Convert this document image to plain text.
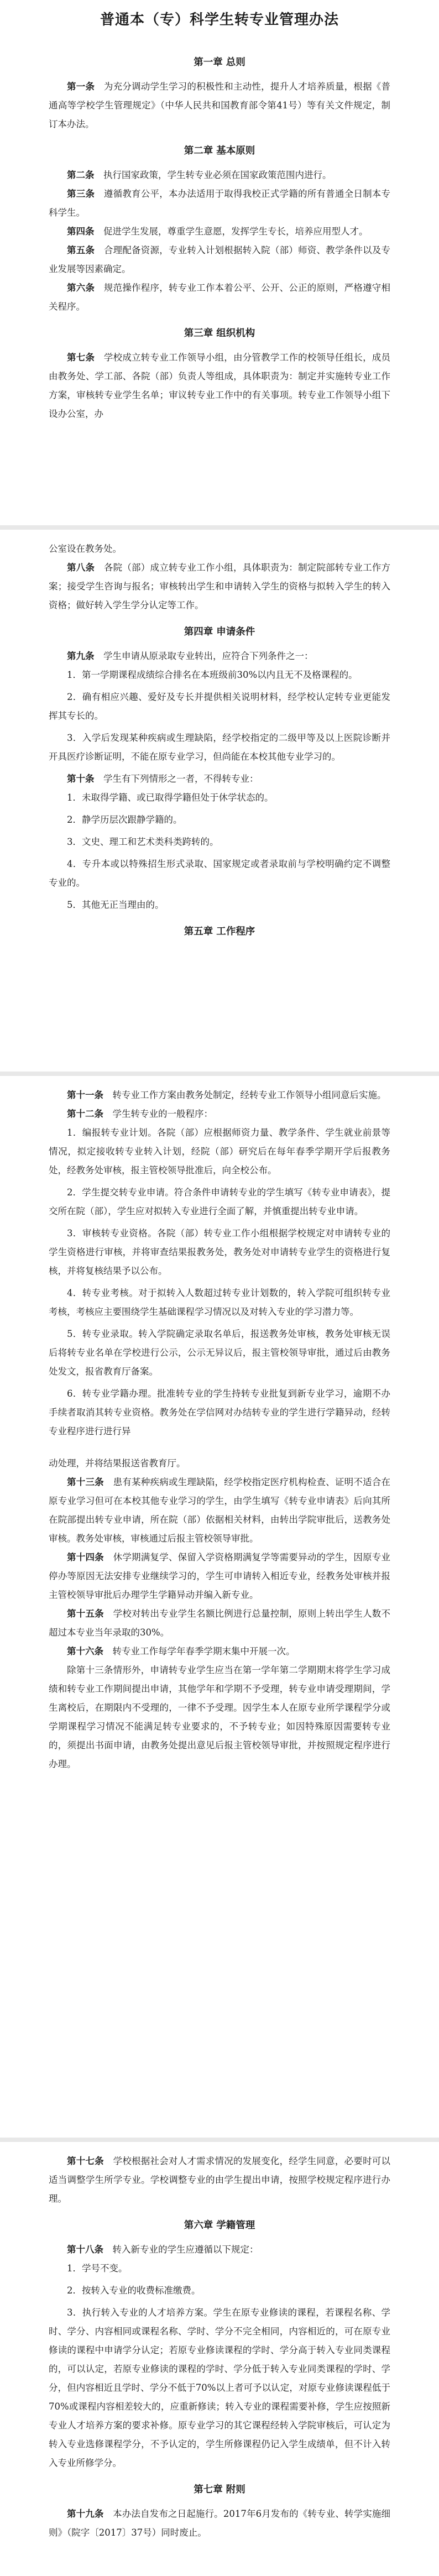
普通本（专）科学生转专业管理办法
第一章 总则

第一条  为充分调动学生学习的积极性和主动性，提升人才培养质量，根据《普通高等学校学生管理规定》（中华人民共和国教育部令第41号）等有关文件规定，制订本办法。

第二章 基本原则

第二条  执行国家政策，学生转专业必须在国家政策范围内进行。

第三条  遵循教育公平，本办法适用于取得我校正式学籍的所有普通全日制本专科学生。

第四条  促进学生发展，尊重学生意愿，发挥学生专长，培养应用型人才。

第五条  合理配备资源，专业转入计划根据转入院（部）师资、教学条件以及专业发展等因素确定。

第六条  规范操作程序，转专业工作本着公平、公开、公正的原则，严格遵守相关程序。

第三章 组织机构

第七条  学校成立转专业工作领导小组，由分管教学工作的校领导任组长，成员由教务处、学工部、各院（部）负责人等组成，具体职责为：制定并实施转专业工作方案，审核转专业学生名单；审议转专业工作中的有关事项。转专业工作领导小组下设办公室，办

公室设在教务处。

第八条  各院（部）成立转专业工作小组，具体职责为：制定院部转专业工作方案；接受学生咨询与报名；审核转出学生和申请转入学生的资格与拟转入学生的转入资格；做好转入学生学分认定等工作。

第四章 申请条件

第九条  学生申请从原录取专业转出，应符合下列条件之一：

1．第一学期课程成绩综合排名在本班级前30%以内且无不及格课程的。

2．确有相应兴趣、爱好及专长并提供相关说明材料，经学校认定转专业更能发挥其专长的。

3．入学后发现某种疾病或生理缺陷，经学校指定的二级甲等及以上医院诊断并开具医疗诊断证明，不能在原专业学习，但尚能在本校其他专业学习的。

第十条  学生有下列情形之一者，不得转专业：

1．未取得学籍、或已取得学籍但处于休学状态的。

2．静学历层次跟静学籍的。

3．文史、理工和艺术类科类跨转的。

4．专升本或以特殊招生形式录取、国家规定或者录取前与学校明确约定不调整专业的。

5．其他无正当理由的。

第五章 工作程序

第十一条  转专业工作方案由教务处制定，经转专业工作领导小组同意后实施。

第十二条  学生转专业的一般程序：

1．编报转专业计划。各院（部）应根据师资力量、教学条件、学生就业前景等情况，拟定接收转专业转入计划，经院（部）研究后在每年春季学期开学后报教务处，经教务处审核，报主管校领导批准后，向全校公布。

2．学生提交转专业申请。符合条件申请转专业的学生填写《转专业申请表》，提交所在院（部），学生应对拟转入专业进行全面了解，并慎重提出转专业申请。

3．审核转专业资格。各院（部）转专业工作小组根据学校规定对申请转专业的学生资格进行审核，并将审查结果报教务处，教务处对申请转专业学生的资格进行复核，并将复核结果予以公布。

4．转专业考核。对于拟转入人数超过转专业计划数的，转入学院可组织转专业考核，考核应主要围绕学生基础课程学习情况以及对转入专业的学习潜力等。

5．转专业录取。转入学院确定录取名单后，报送教务处审核，教务处审核无误后将转专业名单在学校进行公示，公示无异议后，报主管校领导审批，通过后由教务处发文，报省教育厅备案。

6．转专业学籍办理。批准转专业的学生持转专业批复到新专业学习，逾期不办手续者取消其转专业资格。教务处在学信网对办结转专业的学生进行学籍异动，经转专业程序进行进行异

动处理，并将结果报送省教育厅。

第十三条  患有某种疾病或生理缺陷，经学校指定医疗机构检查、证明不适合在原专业学习但可在本校其他专业学习的学生，由学生填写《转专业申请表》后向其所在院部提出转专业申请，所在院（部）依据相关材料，由转出学院审批后，送教务处审核。教务处审核，审核通过后报主管校领导审批。

第十四条  休学期满复学、保留入学资格期满复学等需要异动的学生，因原专业停办等原因无法安排专业继续学习的，学生可申请转入相近专业，经教务处审核并报主管校领导审批后办理学生学籍异动并编入新专业。

第十五条  学校对转出专业学生名额比例进行总量控制，原则上转出学生人数不超过本专业当年录取的30%。

第十六条  转专业工作每学年春季学期末集中开展一次。

除第十三条情形外，申请转专业学生应当在第一学年第二学期期末将学生学习成绩和转专业工作期间提出申请，其他学年和学期不予受理，转专业申请受理期间，学生离校后，在期限内不受理的，一律不予受理。因学生本人在原专业所学课程学分或学期课程学习情况不能满足转专业要求的，不予转专业；如因特殊原因需要转专业的，须提出书面申请，由教务处提出意见后报主管校领导审批，并按照规定程序进行办理。

第十七条  学校根据社会对人才需求情况的发展变化，经学生同意，必要时可以适当调整学生所学专业。学校调整专业的由学生提出申请，按照学校规定程序进行办理。

第六章 学籍管理

第十八条  转入新专业的学生应遵循以下规定：

1．学号不变。

2．按转入专业的收费标准缴费。

3．执行转入专业的人才培养方案。学生在原专业修读的课程，若课程名称、学时、学分、内容相同或课程名称、学时、学分不完全相同，内容相近的，可在原专业修读的课程中申请学分认定；若原专业修读课程的学时、学分高于转入专业同类课程的，可以认定，若原专业修读的课程的学时、学分低于转入专业同类课程的学时、学分，但内容相近且学时、学分不低于70%以上者可予以认定，对原专业修读课程低于70%或课程内容相差较大的，应重新修读；转入专业的课程需要补修，学生应按照新专业人才培养方案的要求补修。原专业学习的其它课程经转入学院审核后，可认定为转入专业选修课程学分，不予认定的，学生所修课程仍记入学生成绩单，但不计入转入专业所修学分。

第七章 附则

第十九条  本办法自发布之日起施行。2017年6月发布的《转专业、转学实施细则》（院字〔2017〕37号）同时废止。
